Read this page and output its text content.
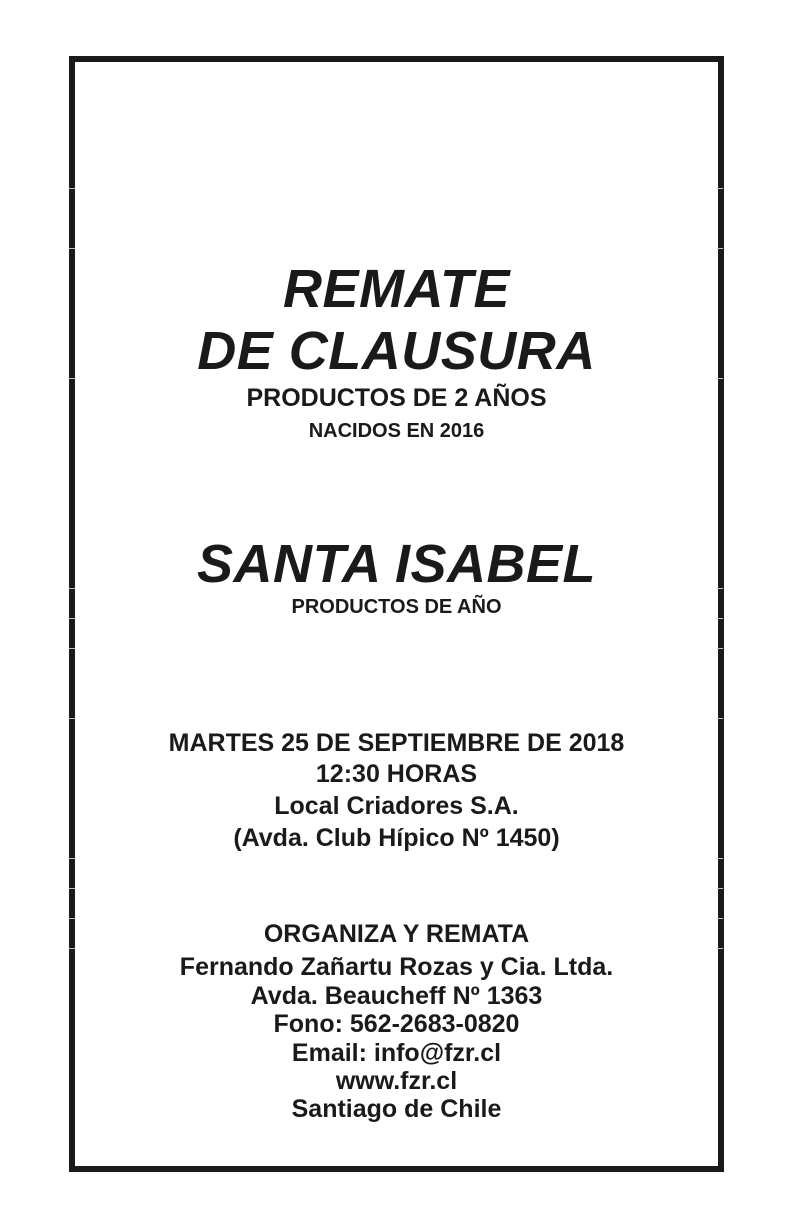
REMATE
DE CLAUSURA
PRODUCTOS DE 2 AÑOS
NACIDOS EN 2016
SANTA ISABEL
PRODUCTOS DE AÑO
MARTES 25 DE SEPTIEMBRE DE 2018
12:30 HORAS
Local Criadores S.A.
(Avda. Club Hípico Nº 1450)
ORGANIZA Y REMATA
Fernando Zañartu Rozas y Cia. Ltda.
Avda. Beaucheff Nº 1363
Fono: 562-2683-0820
Email: info@fzr.cl
www.fzr.cl
Santiago de Chile
